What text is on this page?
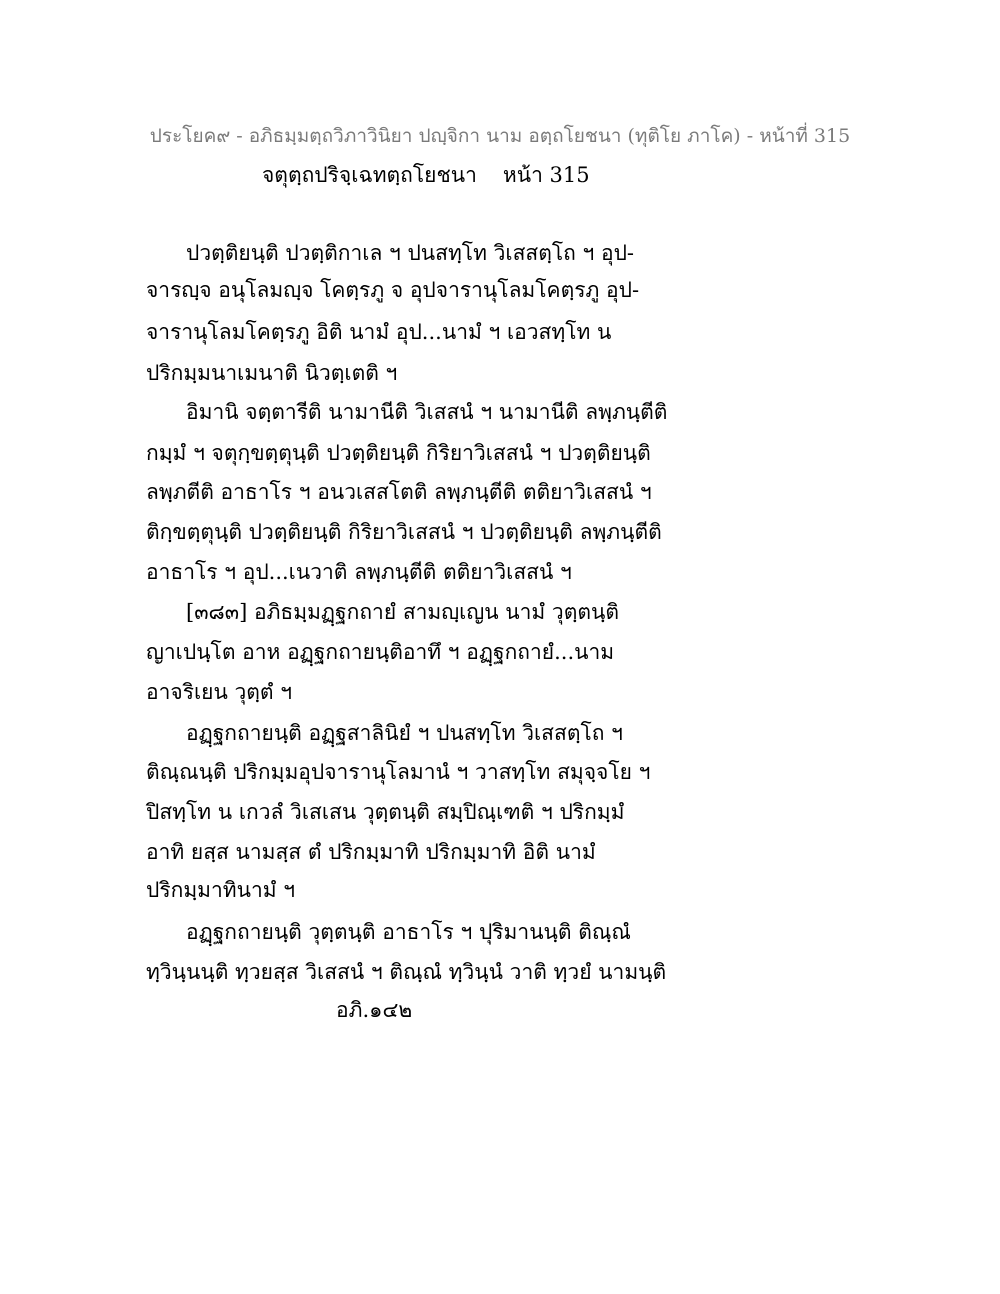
ประโยค๙ - อภิธมฺมตฺถวิภาวินิยา ปญฺจิกา นาม อตฺถโยชนา (ทุติโย ภาโค) - หน้าที่ 315
จตุตฺถปริจฺเฉทตฺถโยชนา หน้า 315
ปวตฺติยนฺติ ปวตฺติกาเล ฯ ปนสทฺโท วิเสสตฺโถ ฯ อุป-
จารญฺจ อนุโลมญฺจ โคตฺรภู จ อุปจารานุโลมโคตฺรภู อุป-
จารานุโลมโคตฺรภู อิติ นามํ อุป...นามํ ฯ เอวสทฺโท น
ปริกมฺมนาเมนาติ นิวตฺเตติ ฯ
อิมานิ จตฺตารีติ นามานีติ วิเสสนํ ฯ นามานีติ ลพฺภนฺตีติ
กมฺมํ ฯ จตุกฺขตฺตุนฺติ ปวตฺติยนฺติ กิริยาวิเสสนํ ฯ ปวตฺติยนฺติ
ลพฺภตีติ อาธาโร ฯ อนวเสสโตติ ลพฺภนฺตีติ ตติยาวิเสสนํ ฯ
ติกฺขตฺตุนฺติ ปวตฺติยนฺติ กิริยาวิเสสนํ ฯ ปวตฺติยนฺติ ลพฺภนฺตีติ
อาธาโร ฯ อุป...เนวาติ ลพฺภนฺตีติ ตติยาวิเสสนํ ฯ
[๓๘๓] อภิธมฺมฏฺฐกถายํ สามญฺเญน นามํ วุตฺตนฺติ
ญาเปนฺโต อาห อฏฺฐกถายนฺติอาทึ ฯ อฏฺฐกถายํ...นาม
อาจริเยน วุตฺตํ ฯ
อฏฺฐกถายนฺติ อฏฺฐสาลินิยํ ฯ ปนสทฺโท วิเสสตฺโถ ฯ
ติณฺณนฺติ ปริกมฺมอุปจารานุโลมานํ ฯ วาสทฺโท สมุจฺจโย ฯ
ปิสทฺโท น เกวลํ วิเสเสน วุตฺตนฺติ สมฺปิณฺเฑติ ฯ ปริกมฺมํ
อาทิ ยสฺส นามสฺส ตํ ปริกมฺมาทิ ปริกมฺมาทิ อิติ นามํ
ปริกมฺมาทินามํ ฯ
อฏฺฐกถายนฺติ วุตฺตนฺติ อาธาโร ฯ ปุริมานนฺติ ติณฺณํ
ทฺวินฺนนฺติ ทฺวยสฺส วิเสสนํ ฯ ติณฺณํ ทฺวินฺนํ วาติ ทฺวยํ นามนฺติ
อภิ.๑๔๒
